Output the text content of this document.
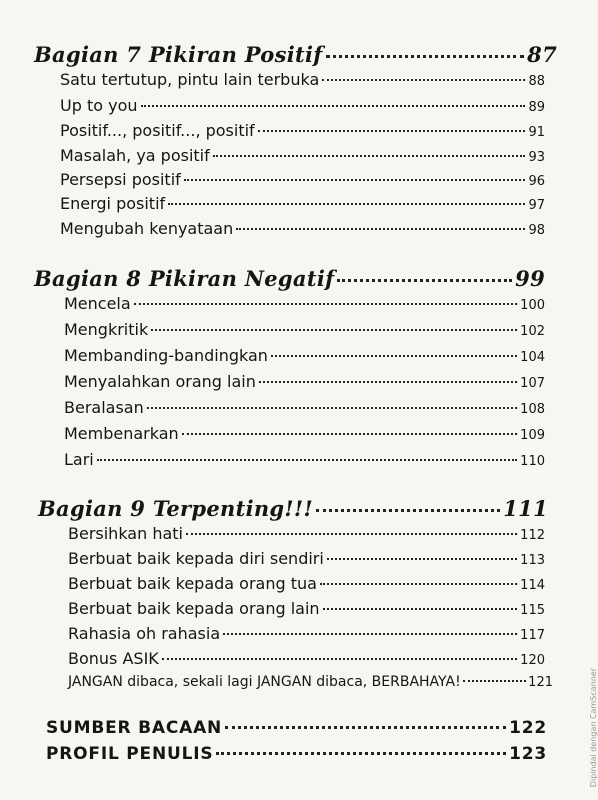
Bagian 7 Pikiran Positif	87
Satu tertutup, pintu lain terbuka	88
Up to you	89
Positif..., positif..., positif	91
Masalah, ya positif	93
Persepsi positif	96
Energi positif	97
Mengubah kenyataan	98
Bagian 8 Pikiran Negatif	99
Mencela	100
Mengkritik	102
Membanding-bandingkan	104
Menyalahkan orang lain	107
Beralasan	108
Membenarkan	109
Lari	110
Bagian 9 Terpenting!!!	111
Bersihkan hati	112
Berbuat baik kepada diri sendiri	113
Berbuat baik kepada orang tua	114
Berbuat baik kepada orang lain	115
Rahasia oh rahasia	117
Bonus ASIK	120
JANGAN dibaca, sekali lagi JANGAN dibaca, BERBAHAYA!	121
SUMBER BACAAN	122
PROFIL PENULIS	123	Dipindai dengan CamScanner
